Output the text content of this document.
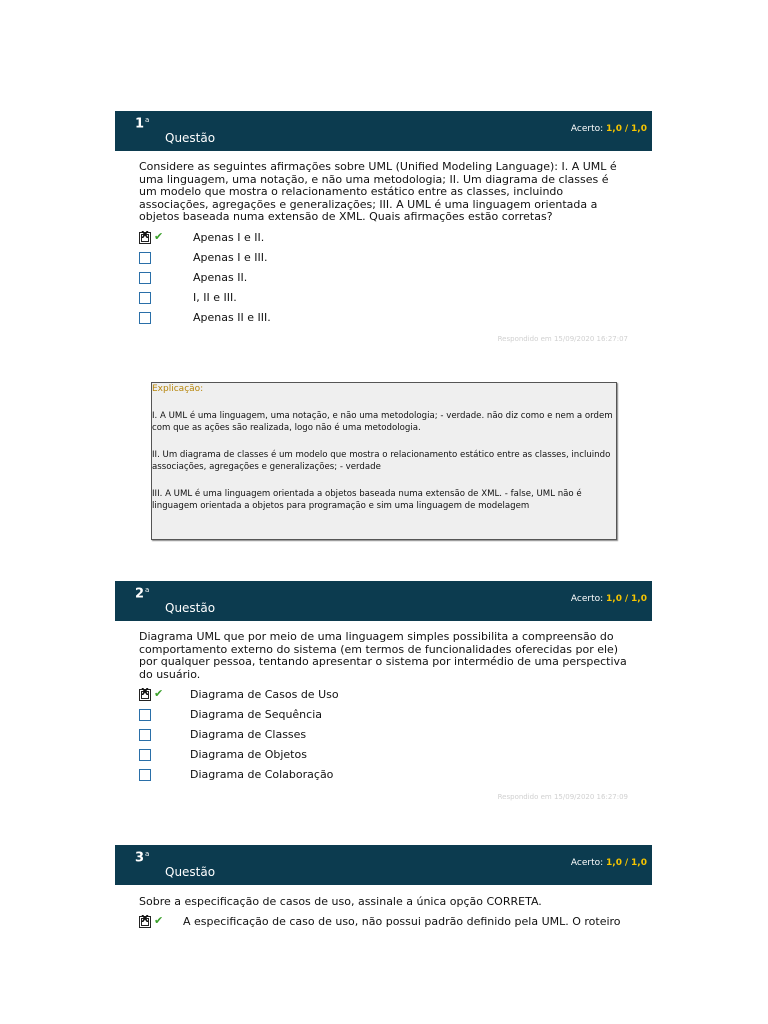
1$^a$
Questão
Acerto: 1,0 / 1,0
Considere as seguintes afirmações sobre UML (Unified Modeling Language): I. A UML é uma linguagem, uma notação, e não uma metodologia; II. Um diagrama de classes é um modelo que mostra o relacionamento estático entre as classes, incluindo associações, agregações e generalizações; III. A UML é uma linguagem orientada a objetos baseada numa extensão de XML. Quais afirmações estão corretas?
X ✔	Apenas I e II.
Apenas I e III.
Apenas II.
I, II e III.
Apenas II e III.
Respondido em 15/09/2020 16:27:07
Explicação:
I. A UML é uma linguagem, uma notação, e não uma metodologia; - verdade. não diz como e nem a ordem com que as ações são realizada, logo não é uma metodologia.
II. Um diagrama de classes é um modelo que mostra o relacionamento estático entre as classes, incluindo associações, agregações e generalizações; - verdade
III. A UML é uma linguagem orientada a objetos baseada numa extensão de XML. - false, UML não é linguagem orientada a objetos para programação e sim uma linguagem de modelagem
2$^a$
Questão
Acerto: 1,0 / 1,0
Diagrama UML que por meio de uma linguagem simples possibilita a compreensão do comportamento externo do sistema (em termos de funcionalidades oferecidas por ele) por qualquer pessoa, tentando apresentar o sistema por intermédio de uma perspectiva do usuário.
X ✔ Diagrama de Casos de Uso
Diagrama de Sequência
Diagrama de Classes
Diagrama de Objetos
Diagrama de Colaboração
Respondido em 15/09/2020 16:27:09
3$^a$
Questão
Acerto: 1,0 / 1,0
Sobre a especificação de casos de uso, assinale a única opção CORRETA.
X ✔ A especificação de caso de uso, não possui padrão definido pela UML. O roteiro
